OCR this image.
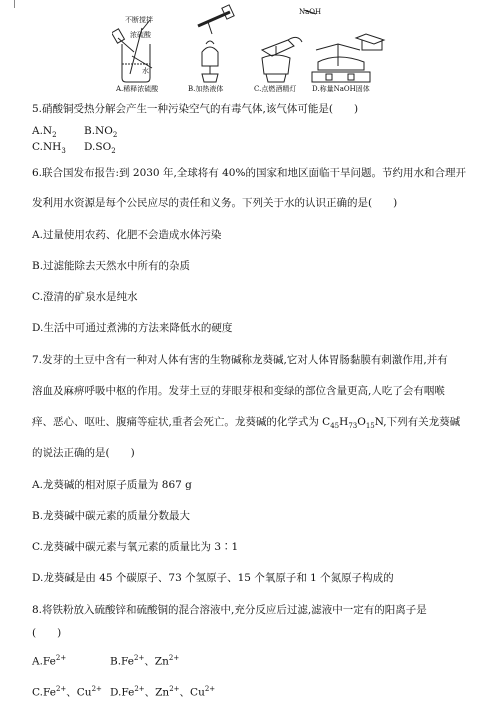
不断搅拌
浓硫酸
水
NaOH
A.稀释浓硫酸	B.加热液体	C.点燃酒精灯 D.称量NaOH固体
5.硝酸铜受热分解会产生一种污染空气的有毒气体,该气体可能是(　　)
$A.N_2$	$B.NO_2$
$C.NH_3$ $D.SO_2$
6.联合国发布报告:到 2030 年,全球将有 40%的国家和地区面临干旱问题。节约用水和合理开
发利用水资源是每个公民应尽的责任和义务。下列关于水的认识正确的是(　　)
A.过量使用农药、化肥不会造成水体污染
B.过滤能除去天然水中所有的杂质
C.澄清的矿泉水是纯水
D.生活中可通过煮沸的方法来降低水的硬度
7.发芽的土豆中含有一种对人体有害的生物碱称龙葵碱,它对人体胃肠黏膜有刺激作用,并有
溶血及麻痹呼吸中枢的作用。发芽土豆的芽眼芽根和变绿的部位含量更高,人吃了会有咽喉
痒、恶心、呕吐、腹痛等症状,重者会死亡。龙葵碱的化学式为 $C_{45}H_{73}O_{15}N$,下列有关龙葵碱
的说法正确的是(　　)
A.龙葵碱的相对原子质量为 867 g
B.龙葵碱中碳元素的质量分数最大
C.龙葵碱中碳元素与氧元素的质量比为 3∶1
D.龙葵碱是由 45 个碳原子、73 个氢原子、15 个氧原子和 1 个氮原子构成的
8.将铁粉放入硫酸锌和硫酸铜的混合溶液中,充分反应后过滤,滤液中一定有的阳离子是
(　　)
$A.Fe^{2+}$	$B.Fe^{2+}$、$Zn^{2+}$
$C.Fe^{2+}$、$Cu^{2+}$ $D.Fe^{2+}$、$Zn^{2+}$、$Cu^{2+}$
